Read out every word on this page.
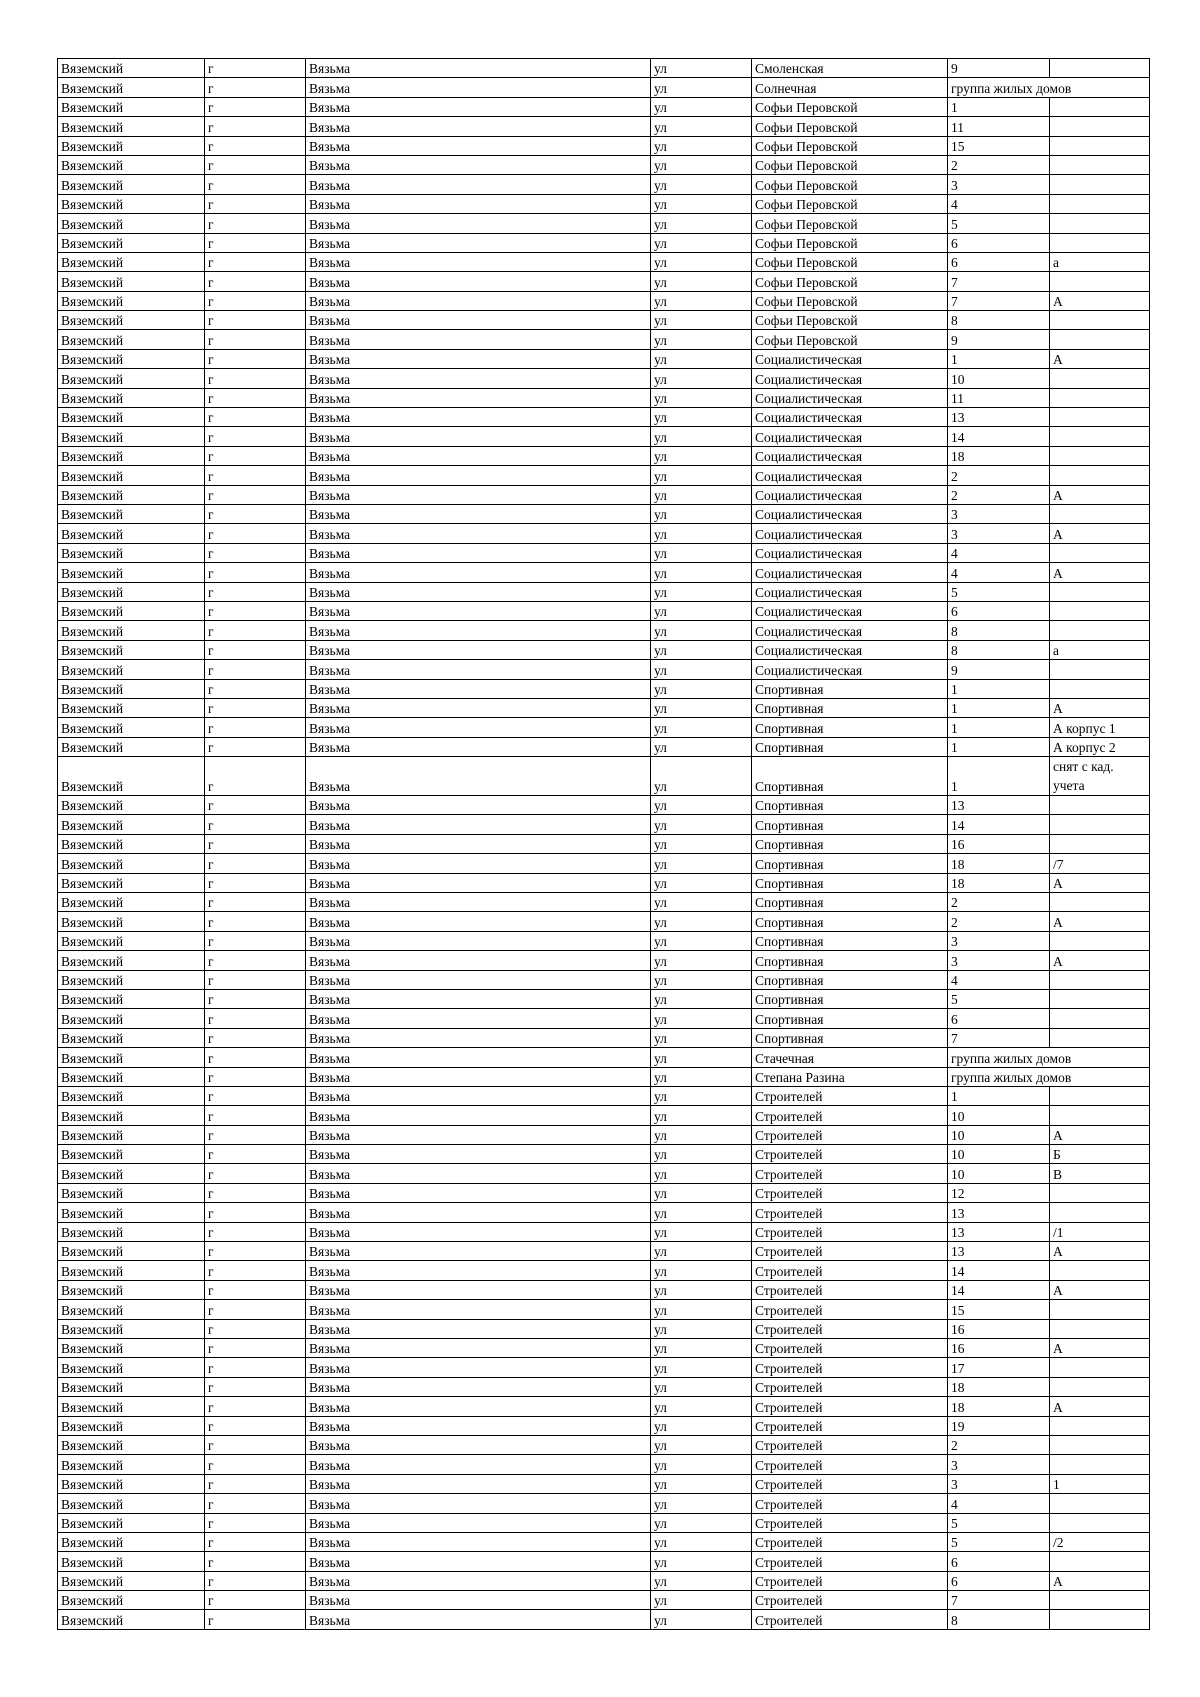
Вяземский	г	Вязьма	ул	Смоленская	9	
Вяземский	г	Вязьма	ул	Солнечная	группа жилых домов	
Вяземский	г	Вязьма	ул	Софьи Перовской	1	
Вяземский	г	Вязьма	ул	Софьи Перовской	11	
Вяземский	г	Вязьма	ул	Софьи Перовской	15	
Вяземский	г	Вязьма	ул	Софьи Перовской	2	
Вяземский	г	Вязьма	ул	Софьи Перовской	3	
Вяземский	г	Вязьма	ул	Софьи Перовской	4	
Вяземский	г	Вязьма	ул	Софьи Перовской	5	
Вяземский	г	Вязьма	ул	Софьи Перовской	6	
Вяземский	г	Вязьма	ул	Софьи Перовской	6	а
Вяземский	г	Вязьма	ул	Софьи Перовской	7	
Вяземский	г	Вязьма	ул	Софьи Перовской	7	А
Вяземский	г	Вязьма	ул	Софьи Перовской	8	
Вяземский	г	Вязьма	ул	Софьи Перовской	9	
Вяземский	г	Вязьма	ул	Социалистическая	1	А
Вяземский	г	Вязьма	ул	Социалистическая	10	
Вяземский	г	Вязьма	ул	Социалистическая	11	
Вяземский	г	Вязьма	ул	Социалистическая	13	
Вяземский	г	Вязьма	ул	Социалистическая	14	
Вяземский	г	Вязьма	ул	Социалистическая	18	
Вяземский	г	Вязьма	ул	Социалистическая	2	
Вяземский	г	Вязьма	ул	Социалистическая	2	А
Вяземский	г	Вязьма	ул	Социалистическая	3	
Вяземский	г	Вязьма	ул	Социалистическая	3	А
Вяземский	г	Вязьма	ул	Социалистическая	4	
Вяземский	г	Вязьма	ул	Социалистическая	4	А
Вяземский	г	Вязьма	ул	Социалистическая	5	
Вяземский	г	Вязьма	ул	Социалистическая	6	
Вяземский	г	Вязьма	ул	Социалистическая	8	
Вяземский	г	Вязьма	ул	Социалистическая	8	а
Вяземский	г	Вязьма	ул	Социалистическая	9	
Вяземский	г	Вязьма	ул	Спортивная	1	
Вяземский	г	Вязьма	ул	Спортивная	1	А
Вяземский	г	Вязьма	ул	Спортивная	1	А корпус 1
Вяземский	г	Вязьма	ул	Спортивная	1	А корпус 2
Вяземский	г	Вязьма	ул	Спортивная	1	снят с кад. учета
Вяземский	г	Вязьма	ул	Спортивная	13	
Вяземский	г	Вязьма	ул	Спортивная	14	
Вяземский	г	Вязьма	ул	Спортивная	16	
Вяземский	г	Вязьма	ул	Спортивная	18	/7
Вяземский	г	Вязьма	ул	Спортивная	18	А
Вяземский	г	Вязьма	ул	Спортивная	2	
Вяземский	г	Вязьма	ул	Спортивная	2	А
Вяземский	г	Вязьма	ул	Спортивная	3	
Вяземский	г	Вязьма	ул	Спортивная	3	А
Вяземский	г	Вязьма	ул	Спортивная	4	
Вяземский	г	Вязьма	ул	Спортивная	5	
Вяземский	г	Вязьма	ул	Спортивная	6	
Вяземский	г	Вязьма	ул	Спортивная	7	
Вяземский	г	Вязьма	ул	Стачечная	группа жилых домов	
Вяземский	г	Вязьма	ул	Степана Разина	группа жилых домов	
Вяземский	г	Вязьма	ул	Строителей	1	
Вяземский	г	Вязьма	ул	Строителей	10	
Вяземский	г	Вязьма	ул	Строителей	10	А
Вяземский	г	Вязьма	ул	Строителей	10	Б
Вяземский	г	Вязьма	ул	Строителей	10	В
Вяземский	г	Вязьма	ул	Строителей	12	
Вяземский	г	Вязьма	ул	Строителей	13	
Вяземский	г	Вязьма	ул	Строителей	13	/1
Вяземский	г	Вязьма	ул	Строителей	13	А
Вяземский	г	Вязьма	ул	Строителей	14	
Вяземский	г	Вязьма	ул	Строителей	14	А
Вяземский	г	Вязьма	ул	Строителей	15	
Вяземский	г	Вязьма	ул	Строителей	16	
Вяземский	г	Вязьма	ул	Строителей	16	А
Вяземский	г	Вязьма	ул	Строителей	17	
Вяземский	г	Вязьма	ул	Строителей	18	
Вяземский	г	Вязьма	ул	Строителей	18	А
Вяземский	г	Вязьма	ул	Строителей	19	
Вяземский	г	Вязьма	ул	Строителей	2	
Вяземский	г	Вязьма	ул	Строителей	3	
Вяземский	г	Вязьма	ул	Строителей	3	1
Вяземский	г	Вязьма	ул	Строителей	4	
Вяземский	г	Вязьма	ул	Строителей	5	
Вяземский	г	Вязьма	ул	Строителей	5	/2
Вяземский	г	Вязьма	ул	Строителей	6	
Вяземский	г	Вязьма	ул	Строителей	6	А
Вяземский	г	Вязьма	ул	Строителей	7	
Вяземский	г	Вязьма	ул	Строителей	8	
